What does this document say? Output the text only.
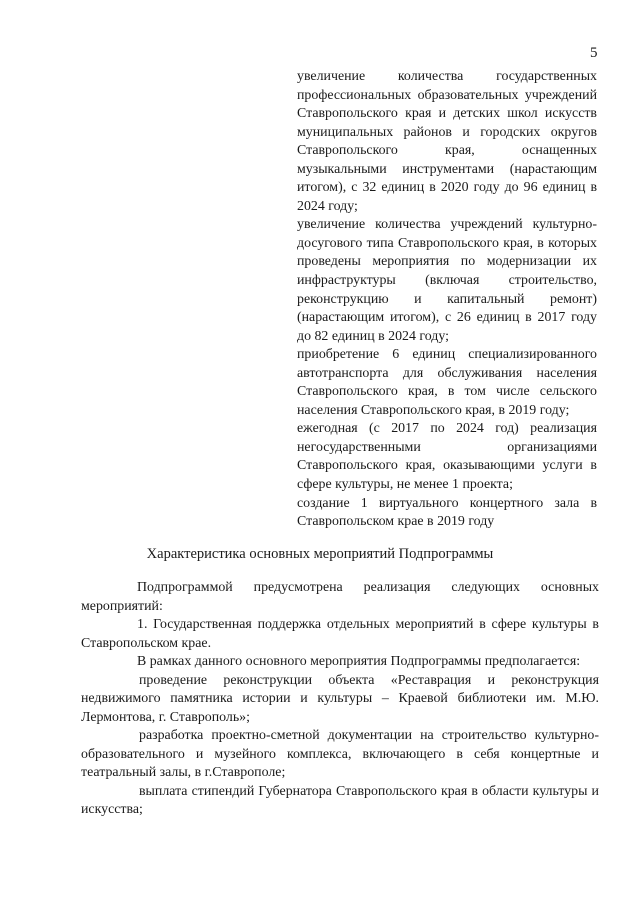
5

увеличение количества государственных профессиональных образовательных учреждений Ставропольского края и детских школ искусств муниципальных районов и городских округов Ставропольского края, оснащенных музыкальными инструментами (нарастающим итогом), с 32 единиц в 2020 году до 96 единиц в 2024 году;

увеличение количества учреждений культурно-досугового типа Ставропольского края, в которых проведены мероприятия по модернизации их инфраструктуры (включая строительство, реконструкцию и капитальный ремонт) (нарастающим итогом), с 26 единиц в 2017 году до 82 единиц в 2024 году;

приобретение 6 единиц специализированного автотранспорта для обслуживания населения Ставропольского края, в том числе сельского населения Ставропольского края, в 2019 году;

ежегодная (с 2017 по 2024 год) реализация негосударственными организациями Ставропольского края, оказывающими услуги в сфере культуры, не менее 1 проекта;

создание 1 виртуального концертного зала в Ставропольском крае в 2019 году

Характеристика основных мероприятий Подпрограммы

Подпрограммой предусмотрена реализация следующих основных мероприятий:

1. Государственная поддержка отдельных мероприятий в сфере культуры в Ставропольском крае.

В рамках данного основного мероприятия Подпрограммы предполагается:

проведение реконструкции объекта «Реставрация и реконструкция недвижимого памятника истории и культуры – Краевой библиотеки им. М.Ю. Лермонтова, г. Ставрополь»;

разработка проектно-сметной документации на строительство культурно-образовательного и музейного комплекса, включающего в себя концертные и театральный залы, в г.Ставрополе;

выплата стипендий Губернатора Ставропольского края в области культуры и искусства;
